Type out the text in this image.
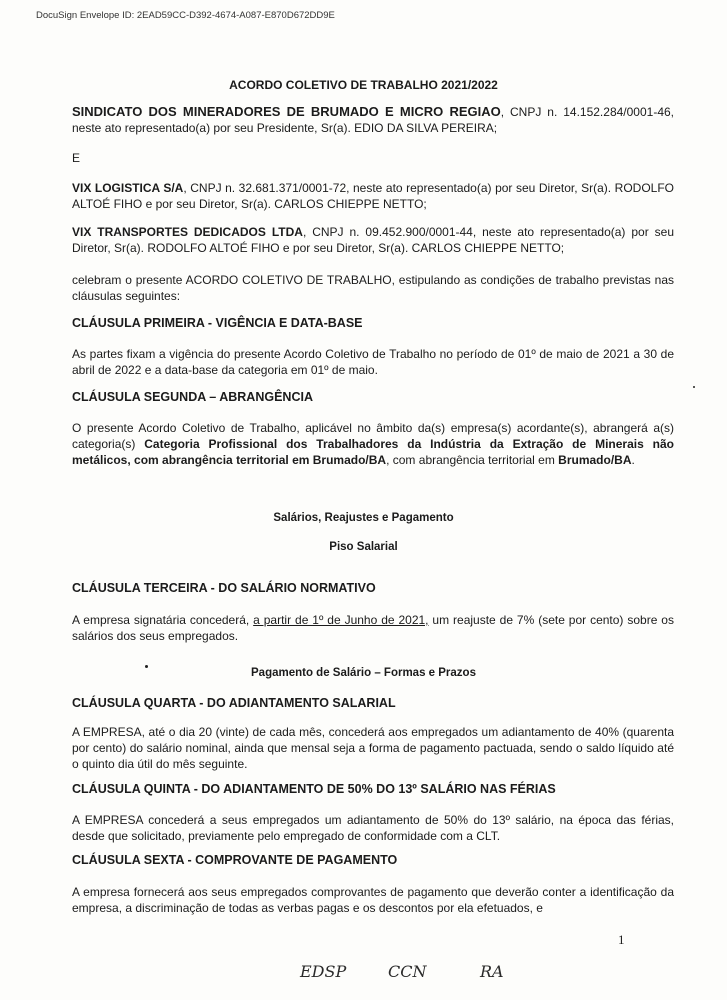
DocuSign Envelope ID: 2EAD59CC-D392-4674-A087-E870D672DD9E
ACORDO COLETIVO DE TRABALHO 2021/2022
SINDICATO DOS MINERADORES DE BRUMADO E MICRO REGIAO, CNPJ n. 14.152.284/0001-46, neste ato representado(a) por seu Presidente, Sr(a). EDIO DA SILVA PEREIRA;
E
VIX LOGISTICA S/A, CNPJ n. 32.681.371/0001-72, neste ato representado(a) por seu Diretor, Sr(a). RODOLFO ALTOÉ FIHO e por seu Diretor, Sr(a). CARLOS CHIEPPE NETTO;
VIX TRANSPORTES DEDICADOS LTDA, CNPJ n. 09.452.900/0001-44, neste ato representado(a) por seu Diretor, Sr(a). RODOLFO ALTOÉ FIHO e por seu Diretor, Sr(a). CARLOS CHIEPPE NETTO;
celebram o presente ACORDO COLETIVO DE TRABALHO, estipulando as condições de trabalho previstas nas cláusulas seguintes:
CLÁUSULA PRIMEIRA - VIGÊNCIA E DATA-BASE
As partes fixam a vigência do presente Acordo Coletivo de Trabalho no período de 01º de maio de 2021 a 30 de abril de 2022 e a data-base da categoria em 01º de maio.
CLÁUSULA SEGUNDA – ABRANGÊNCIA
O presente Acordo Coletivo de Trabalho, aplicável no âmbito da(s) empresa(s) acordante(s), abrangerá a(s) categoria(s) Categoria Profissional dos Trabalhadores da Indústria da Extração de Minerais não metálicos, com abrangência territorial em Brumado/BA, com abrangência territorial em Brumado/BA.
Salários, Reajustes e Pagamento
Piso Salarial
CLÁUSULA TERCEIRA - DO SALÁRIO NORMATIVO
A empresa signatária concederá, a partir de 1º de Junho de 2021, um reajuste de 7% (sete por cento) sobre os salários dos seus empregados.
Pagamento de Salário – Formas e Prazos
CLÁUSULA QUARTA - DO ADIANTAMENTO SALARIAL
A EMPRESA, até o dia 20 (vinte) de cada mês, concederá aos empregados um adiantamento de 40% (quarenta por cento) do salário nominal, ainda que mensal seja a forma de pagamento pactuada, sendo o saldo líquido até o quinto dia útil do mês seguinte.
CLÁUSULA QUINTA - DO ADIANTAMENTO DE 50% DO 13º SALÁRIO NAS FÉRIAS
A EMPRESA concederá a seus empregados um adiantamento de 50% do 13º salário, na época das férias, desde que solicitado, previamente pelo empregado de conformidade com a CLT.
CLÁUSULA SEXTA - COMPROVANTE DE PAGAMENTO
A empresa fornecerá aos seus empregados comprovantes de pagamento que deverão conter a identificação da empresa, a discriminação de todas as verbas pagas e os descontos por ela efetuados, e
1
EDSP	CCN	RA
